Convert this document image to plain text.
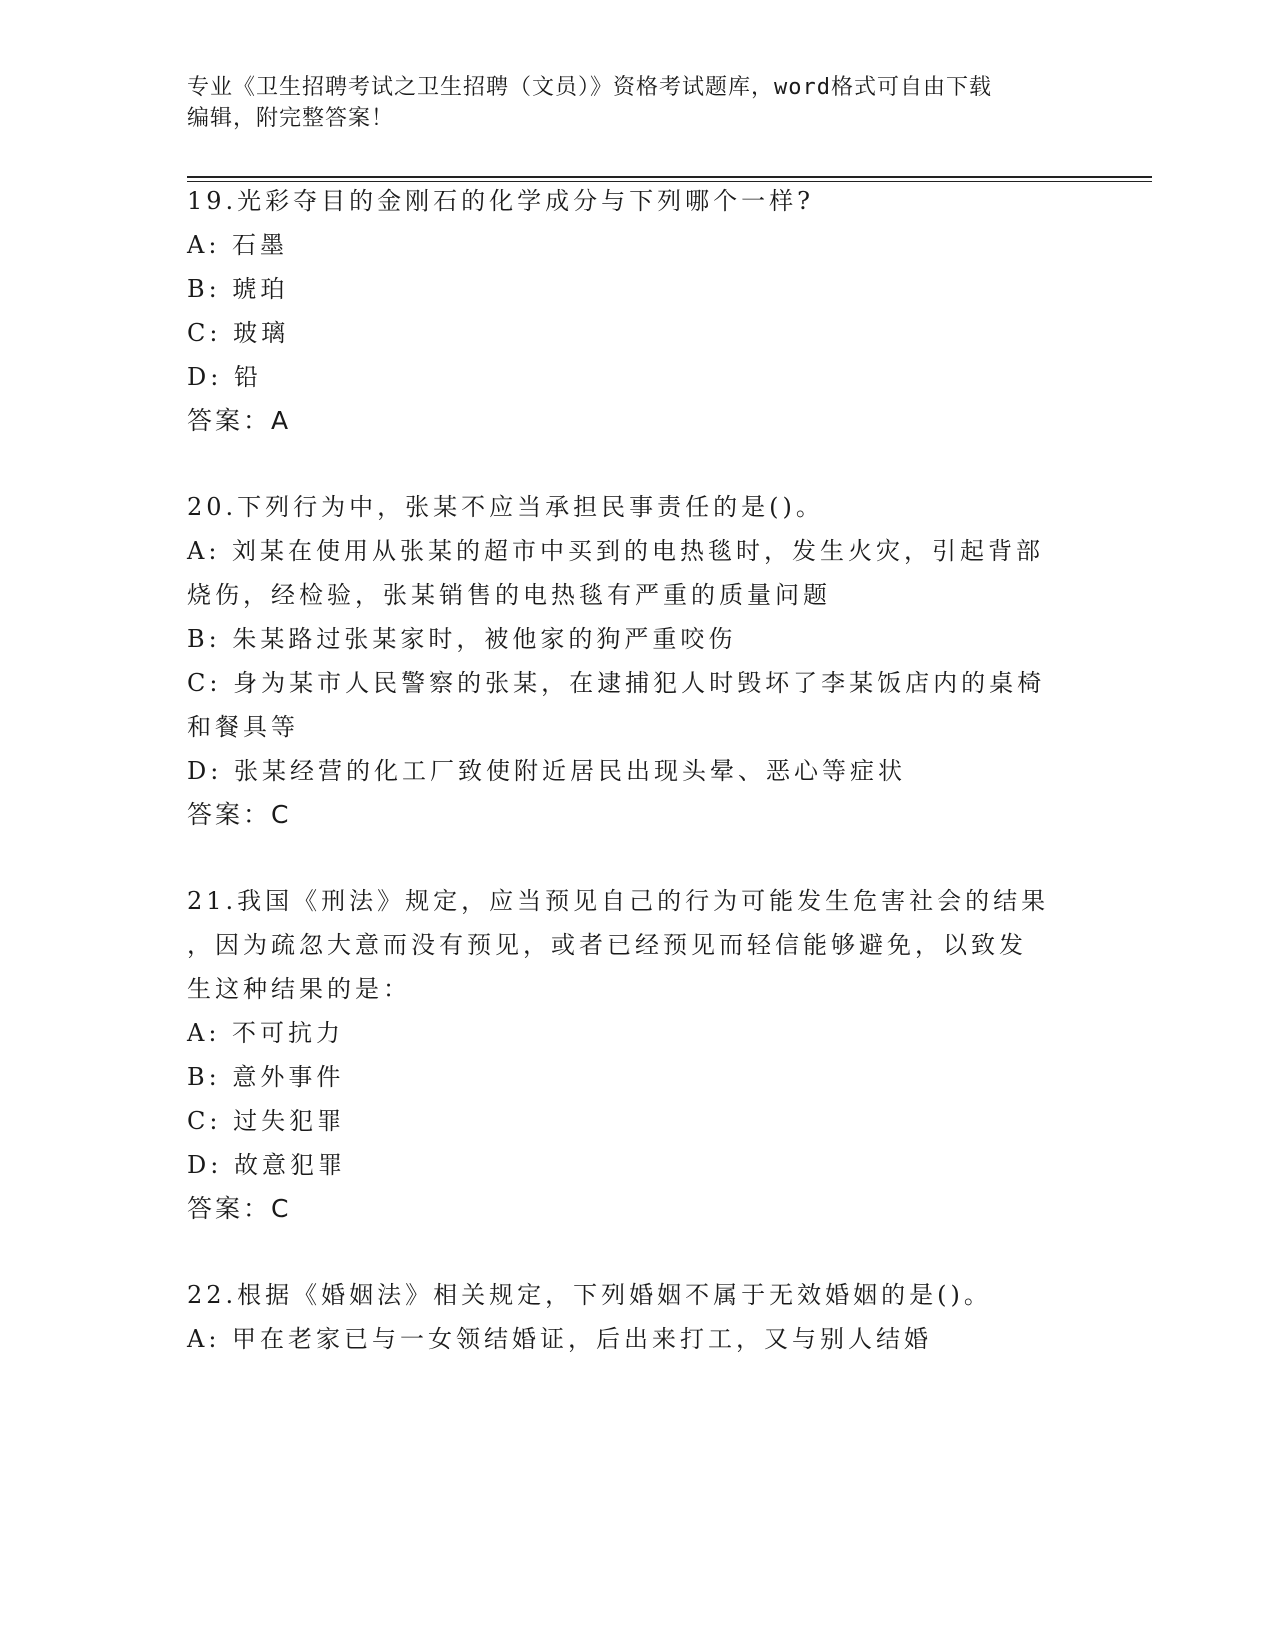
专业《卫生招聘考试之卫生招聘（文员）》资格考试题库，word格式可自由下载
编辑，附完整答案！
19.光彩夺目的金刚石的化学成分与下列哪个一样?
A: 石墨
B: 琥珀
C: 玻璃
D: 铅
答案：A
20.下列行为中，张某不应当承担民事责任的是()。
A: 刘某在使用从张某的超市中买到的电热毯时，发生火灾，引起背部
烧伤，经检验，张某销售的电热毯有严重的质量问题
B: 朱某路过张某家时，被他家的狗严重咬伤
C: 身为某市人民警察的张某，在逮捕犯人时毁坏了李某饭店内的桌椅
和餐具等
D: 张某经营的化工厂致使附近居民出现头晕、恶心等症状
答案：C
21.我国《刑法》规定，应当预见自己的行为可能发生危害社会的结果
，因为疏忽大意而没有预见，或者已经预见而轻信能够避免，以致发
生这种结果的是：
A: 不可抗力
B: 意外事件
C: 过失犯罪
D: 故意犯罪
答案：C
22.根据《婚姻法》相关规定，下列婚姻不属于无效婚姻的是()。
A: 甲在老家已与一女领结婚证，后出来打工，又与别人结婚
